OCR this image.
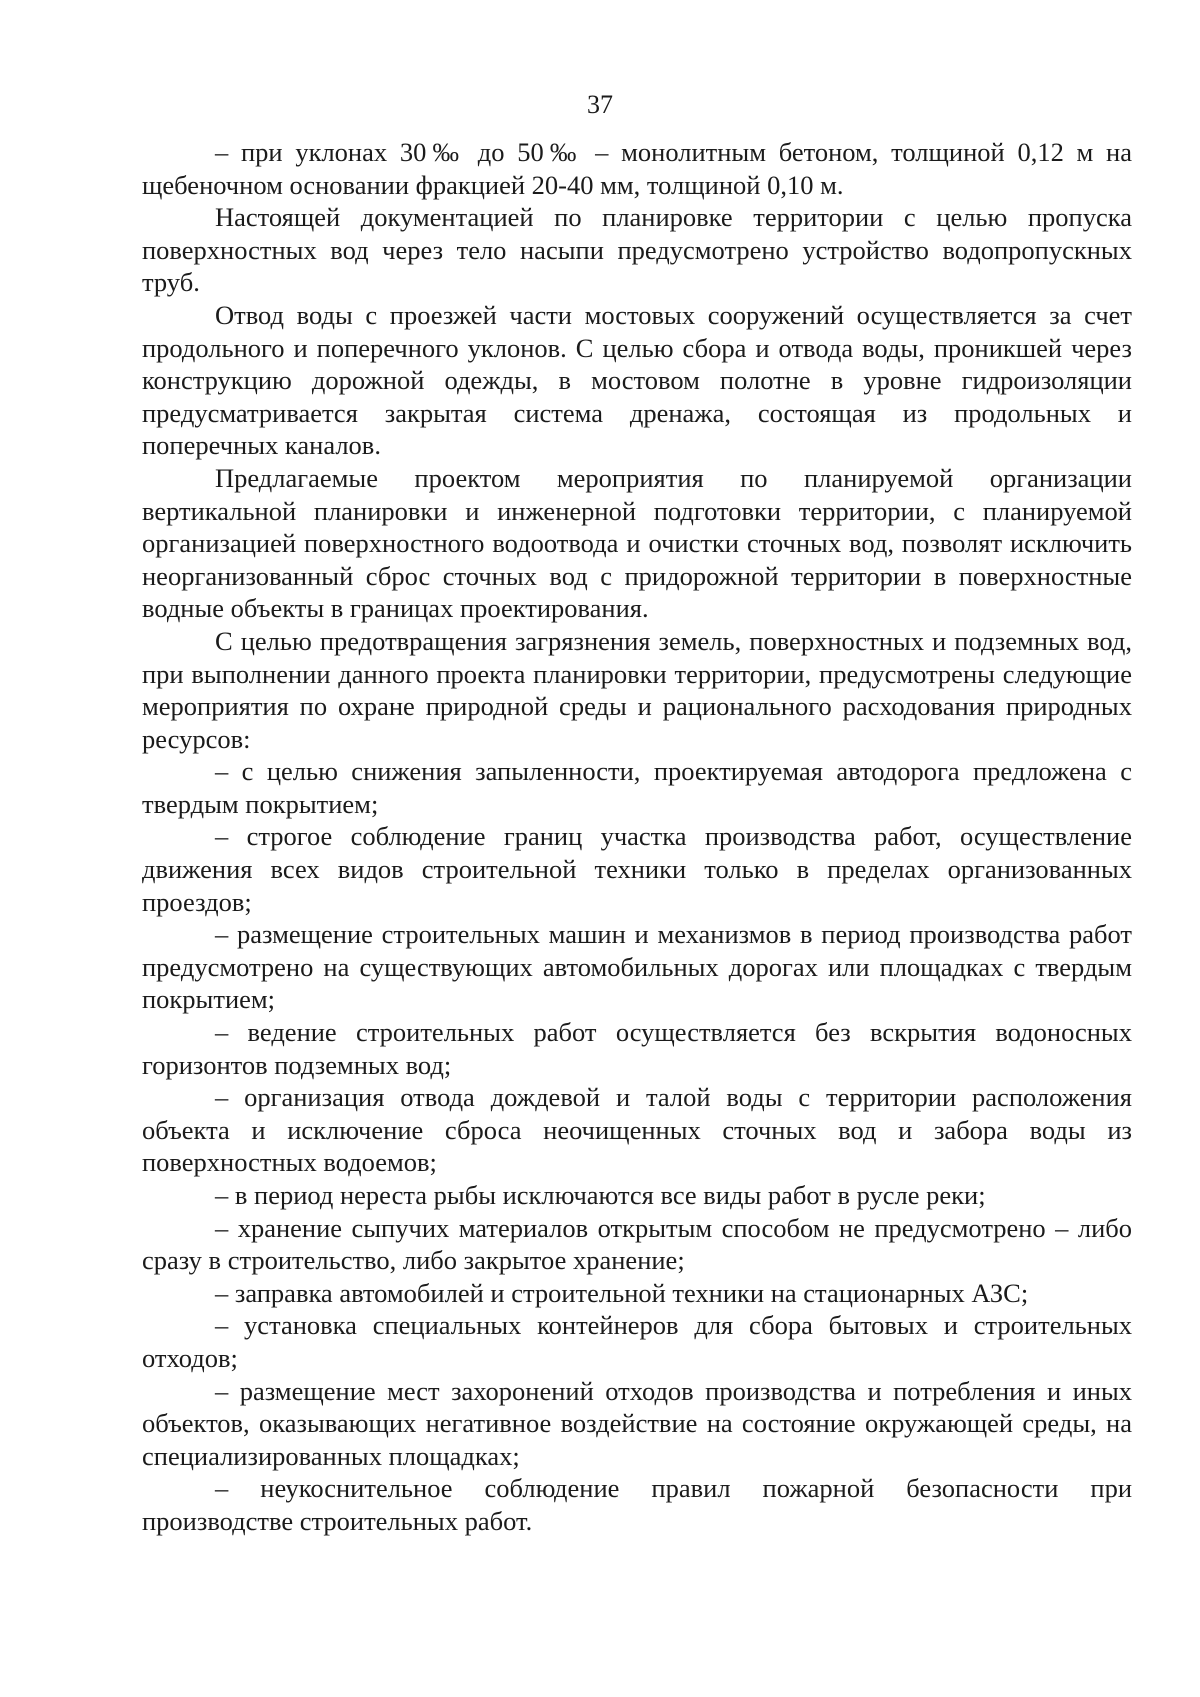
37

– при уклонах 30‰ до 50‰ – монолитным бетоном, толщиной 0,12 м на щебеночном основании фракцией 20-40 мм, толщиной 0,10 м.

Настоящей документацией по планировке территории с целью пропуска поверхностных вод через тело насыпи предусмотрено устройство водопропускных труб.

Отвод воды с проезжей части мостовых сооружений осуществляется за счет продольного и поперечного уклонов. С целью сбора и отвода воды, проникшей через конструкцию дорожной одежды, в мостовом полотне в уровне гидроизоляции предусматривается закрытая система дренажа, состоящая из продольных и поперечных каналов.

Предлагаемые проектом мероприятия по планируемой организации вертикальной планировки и инженерной подготовки территории, с планируемой организацией поверхностного водоотвода и очистки сточных вод, позволят исключить неорганизованный сброс сточных вод с придорожной территории в поверхностные водные объекты в границах проектирования.

С целью предотвращения загрязнения земель, поверхностных и подземных вод, при выполнении данного проекта планировки территории, предусмотрены следующие мероприятия по охране природной среды и рационального расходования природных ресурсов:

– с целью снижения запыленности, проектируемая автодорога предложена с твердым покрытием;

– строгое соблюдение границ участка производства работ, осуществление движения всех видов строительной техники только в пределах организованных проездов;

– размещение строительных машин и механизмов в период производства работ предусмотрено на существующих автомобильных дорогах или площадках с твердым покрытием;

– ведение строительных работ осуществляется без вскрытия водоносных горизонтов подземных вод;

– организация отвода дождевой и талой воды с территории расположения объекта и исключение сброса неочищенных сточных вод и забора воды из поверхностных водоемов;

– в период нереста рыбы исключаются все виды работ в русле реки;

– хранение сыпучих материалов открытым способом не предусмотрено – либо сразу в строительство, либо закрытое хранение;

– заправка автомобилей и строительной техники на стационарных АЗС;

– установка специальных контейнеров для сбора бытовых и строительных отходов;

– размещение мест захоронений отходов производства и потребления и иных объектов, оказывающих негативное воздействие на состояние окружающей среды, на специализированных площадках;

– неукоснительное соблюдение правил пожарной безопасности при производстве строительных работ.
